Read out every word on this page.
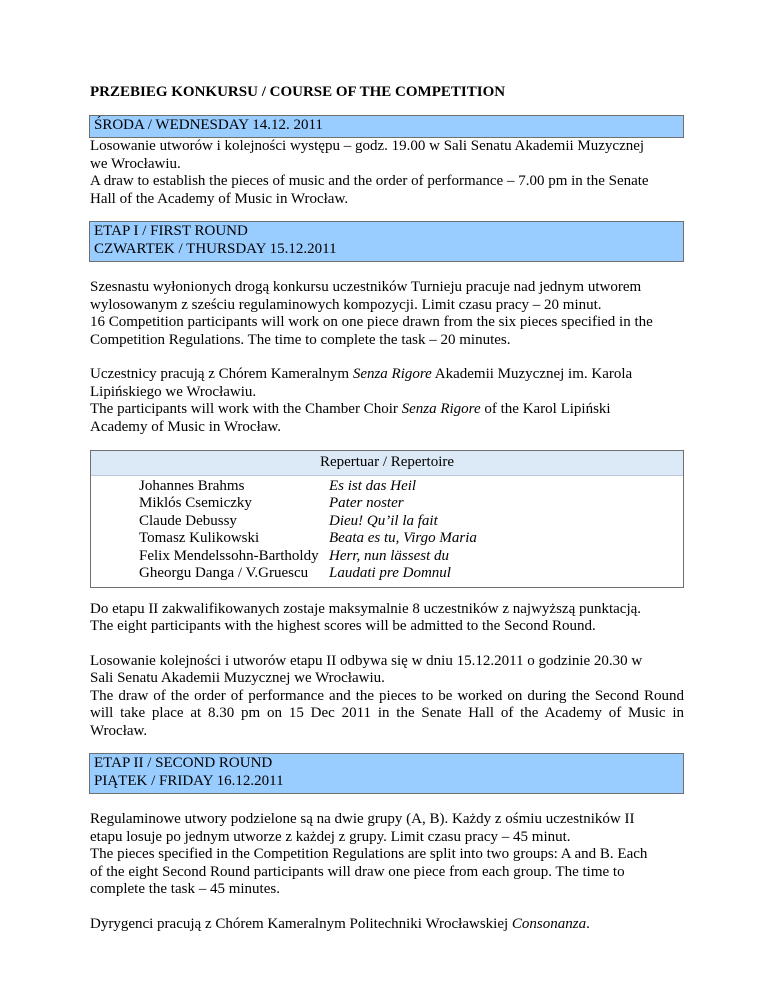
PRZEBIEG KONKURSU / COURSE OF THE COMPETITION
ŚRODA / WEDNESDAY 14.12. 2011

Losowanie utworów i kolejności występu – godz. 19.00 w Sali Senatu Akademii Muzycznej

we Wrocławiu.

A draw to establish the pieces of music and the order of performance – 7.00 pm in the Senate

Hall of the Academy of Music in Wrocław.

ETAP I / FIRST ROUND
CZWARTEK / THURSDAY 15.12.2011

Szesnastu wyłonionych drogą konkursu uczestników Turnieju pracuje nad jednym utworem

wylosowanym z sześciu regulaminowych kompozycji. Limit czasu pracy – 20 minut.

16 Competition participants will work on one piece drawn from the six pieces specified in the

Competition Regulations. The time to complete the task – 20 minutes.

Uczestnicy pracują z Chórem Kameralnym Senza Rigore Akademii Muzycznej im. Karola

Lipińskiego we Wrocławiu.

The participants will work with the Chamber Choir Senza Rigore of the Karol Lipiński

Academy of Music in Wrocław.

Repertuar / Repertoire
Johannes Brahms
Miklós Csemiczky
Claude Debussy
Tomasz Kulikowski
Felix Mendelssohn-Bartholdy
Gheorgu Danga / V.Gruescu
Es ist das Heil
Pater noster
Dieu! Qu’il la fait
Beata es tu, Virgo Maria
Herr, nun lässest du
Laudati pre Domnul

Do etapu II zakwalifikowanych zostaje maksymalnie 8 uczestników z najwyższą punktacją.

The eight participants with the highest scores will be admitted to the Second Round.

Losowanie kolejności i utworów etapu II odbywa się w dniu 15.12.2011 o godzinie 20.30 w

Sali Senatu Akademii Muzycznej we Wrocławiu.

The draw of the order of performance and the pieces to be worked on during the Second Round will take place at 8.30 pm on 15 Dec 2011 in the Senate Hall of the Academy of Music in Wrocław.

ETAP II / SECOND ROUND
PIĄTEK / FRIDAY 16.12.2011

Regulaminowe utwory podzielone są na dwie grupy (A, B). Każdy z ośmiu uczestników II

etapu losuje po jednym utworze z każdej z grupy. Limit czasu pracy – 45 minut.

The pieces specified in the Competition Regulations are split into two groups: A and B. Each

of the eight Second Round participants will draw one piece from each group. The time to

complete the task – 45 minutes.

Dyrygenci pracują z Chórem Kameralnym Politechniki Wrocławskiej Consonanza.
